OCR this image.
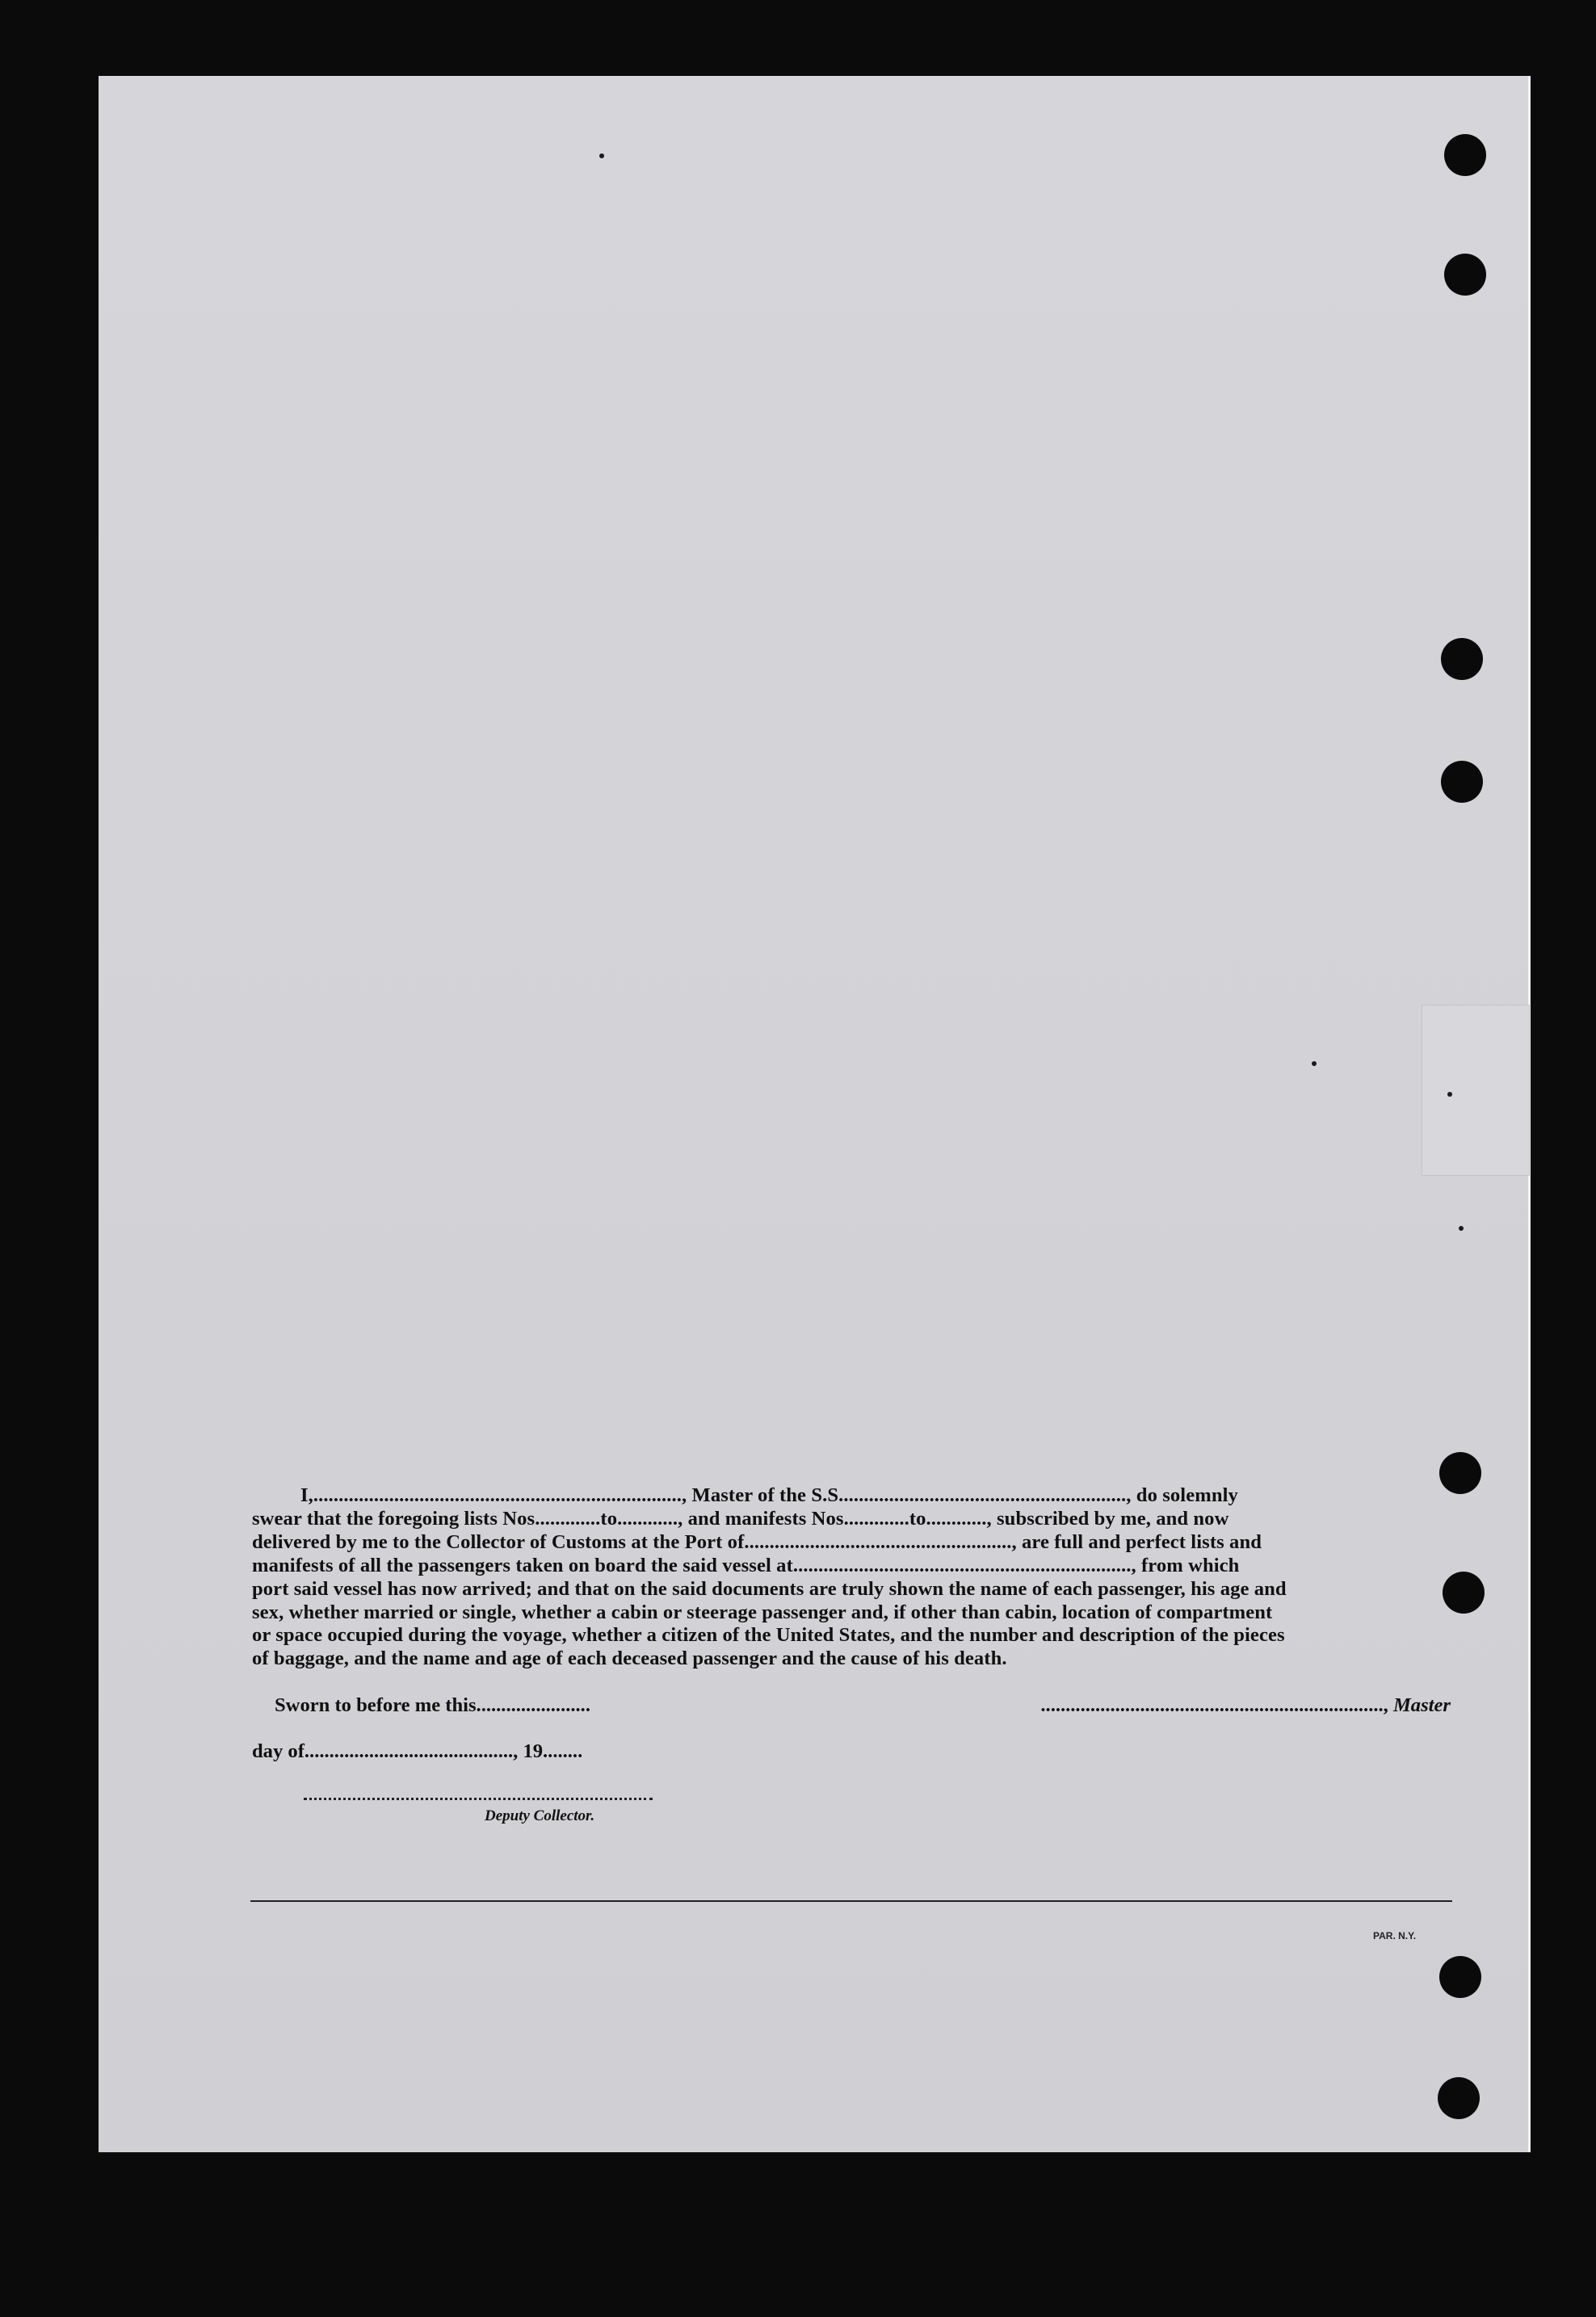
I,........................................................................., Master of the S.S........................................................., do solemnly
swear that the foregoing lists Nos.............to............, and manifests Nos.............to............, subscribed by me, and now
delivered by me to the Collector of Customs at the Port of....................................................., are full and perfect lists and
manifests of all the passengers taken on board the said vessel at..................................................................., from which
port said vessel has now arrived; and that on the said documents are truly shown the name of each passenger, his age and
sex, whether married or single, whether a cabin or steerage passenger and, if other than cabin, location of compartment
or space occupied during the voyage, whether a citizen of the United States, and the number and description of the pieces
of baggage, and the name and age of each deceased passenger and the cause of his death.
Sworn to before me this.......................	....................................................................., Master
day of.........................................., 19........
Deputy Collector.
PAR. N.Y.
